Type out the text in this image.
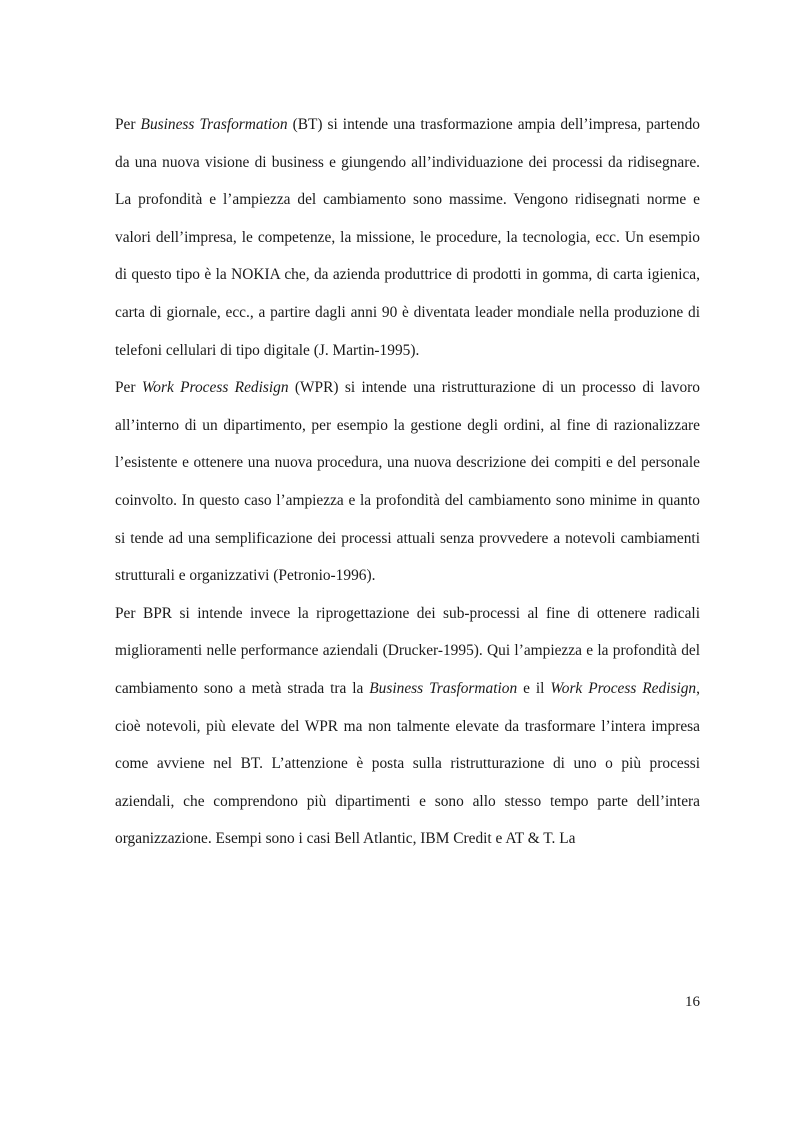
Per Business Trasformation (BT) si intende una trasformazione ampia dell’impresa, partendo da una nuova visione di business e giungendo all’individuazione dei processi da ridisegnare. La profondità e l’ampiezza del cambiamento sono massime. Vengono ridisegnati norme e valori dell’impresa, le competenze, la missione, le procedure, la tecnologia, ecc. Un esempio di questo tipo è la NOKIA che, da azienda produttrice di prodotti in gomma, di carta igienica, carta di giornale, ecc., a partire dagli anni 90 è diventata leader mondiale nella produzione di telefoni cellulari di tipo digitale (J. Martin-1995).

Per Work Process Redisign (WPR) si intende una ristrutturazione di un processo di lavoro all’interno di un dipartimento, per esempio la gestione degli ordini, al fine di razionalizzare l’esistente e ottenere una nuova procedura, una nuova descrizione dei compiti e del personale coinvolto. In questo caso l’ampiezza e la profondità del cambiamento sono minime in quanto si tende ad una semplificazione dei processi attuali senza provvedere a notevoli cambiamenti strutturali e organizzativi (Petronio-1996).

Per BPR si intende invece la riprogettazione dei sub-processi al fine di ottenere radicali miglioramenti nelle performance aziendali (Drucker-1995). Qui l’ampiezza e la profondità del cambiamento sono a metà strada tra la Business Trasformation e il Work Process Redisign, cioè notevoli, più elevate del WPR ma non talmente elevate da trasformare l’intera impresa come avviene nel BT. L’attenzione è posta sulla ristrutturazione di uno o più processi aziendali, che comprendono più dipartimenti e sono allo stesso tempo parte dell’intera organizzazione. Esempi sono i casi Bell Atlantic, IBM Credit e AT & T. La

16
